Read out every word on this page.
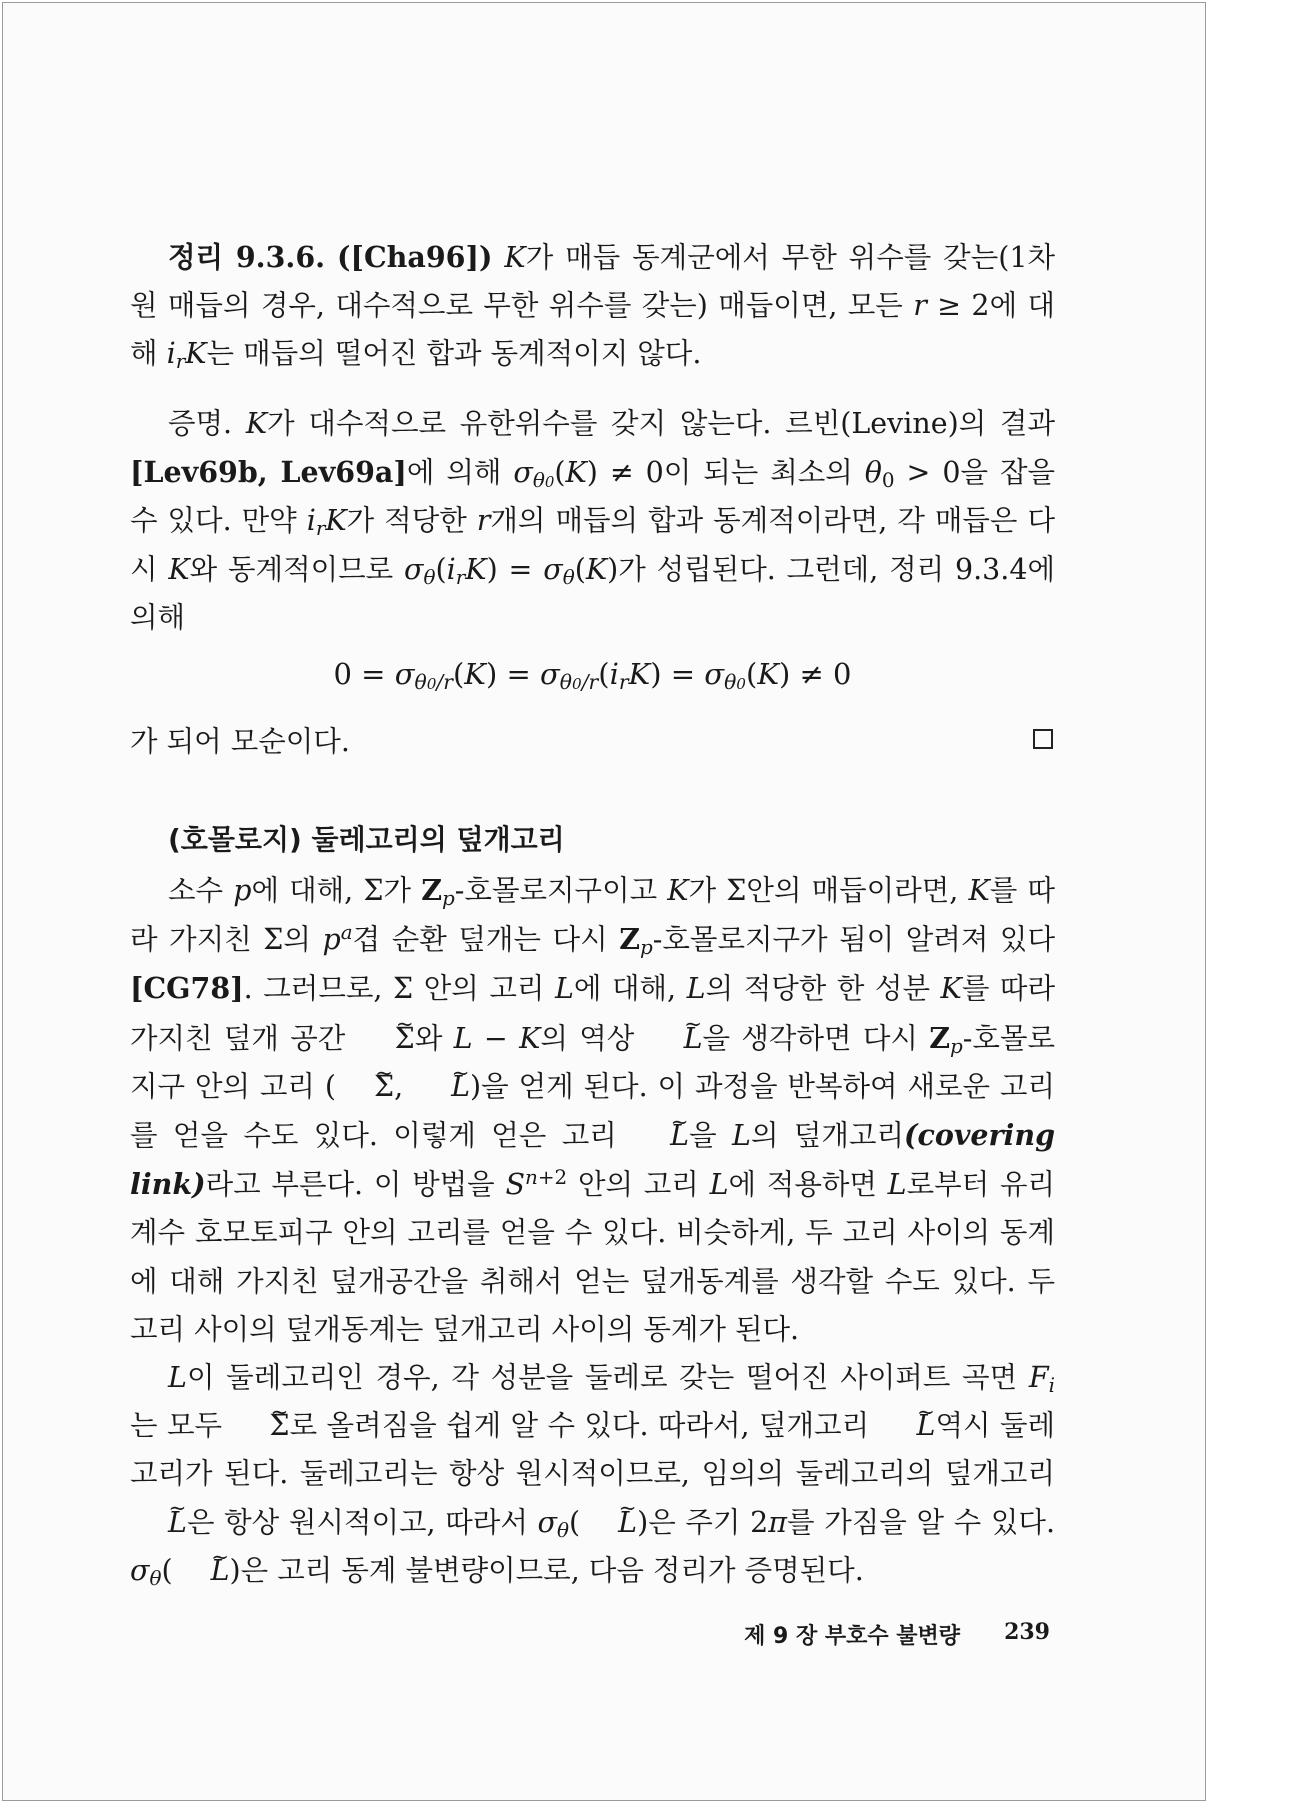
정리 9.3.6. ([Cha96]) K가 매듭 동계군에서 무한 위수를 갖는(1차 원 매듭의 경우, 대수적으로 무한 위수를 갖는) 매듭이면, 모든 r ≥ 2에 대해 $i_rK$는 매듭의 떨어진 합과 동계적이지 않다.

증명. K가 대수적으로 유한위수를 갖지 않는다. 르빈(Levine)의 결과 [Lev69b, Lev69a]에 의해 $\sigma_{\theta 0}(K) \ne 0$이 되는 최소의 $\theta_0 > 0$을 잡을 수 있다. 만약 $i_rK$가 적당한 r개의 매듭의 합과 동계적이라면, 각 매듭은 다시 K와 동계적이므로 $\sigma_\theta(i_rK) = \sigma_\theta(K)$가 성립된다. 그런데, 정리 9.3.4에 의해

$0 = \sigma_{\theta 0/r}(K) = \sigma_{\theta 0/r}(i_rK) = \sigma_{\theta 0}(K) \ne 0$
가 되어 모순이다.
(호몰로지) 둘레고리의 덮개고리

소수 p에 대해, Σ가 $Z_p-$호몰로지구이고 K가 Σ안의 매듭이라면, K를 따라 가지친 Σ의 $p^a$겹 순환 덮개는 다시 $Z_p-$호몰로지구가 됨이 알려져 있다 [CG78]. 그러므로, Σ 안의 고리 L에 대해, L의 적당한 한 성분 K를 따라 가지친 덮개 공간 ~ Σ와 L − K의 역상 ~ L을 생각하면 다시 $Z_p-$호몰로지구 안의 고리 (~ Σ, ~ L)을 얻게 된다. 이 과정을 반복하여 새로운 고리를 얻을 수도 있다. 이렇게 얻은 고리 ~ L을 L의 덮개고리(covering link)라고 부른다. 이 방법을 $S^{n+2}$ 안의 고리 L에 적용하면 L로부터 유리계수 호모토피구 안의 고리를 얻을 수 있다. 비슷하게, 두 고리 사이의 동계에 대해 가지친 덮개공간을 취해서 얻는 덮개동계를 생각할 수도 있다. 두 고리 사이의 덮개동계는 덮개고리 사이의 동계가 된다.

L이 둘레고리인 경우, 각 성분을 둘레로 갖는 떨어진 사이퍼트 곡면 $F_i$는 모두 ~ Σ로 올려짐을 쉽게 알 수 있다. 따라서, 덮개고리 ~ L역시 둘레고리가 된다. 둘레고리는 항상 원시적이므로, 임의의 둘레고리의 덮개고리 ~ L은 항상 원시적이고, 따라서 $\sigma_\theta(\sim$ L)은 주기 2π를 가짐을 알 수 있다. $\sigma_\theta(\sim$ L)은 고리 동계 불변량이므로, 다음 정리가 증명된다.

제 9 장 부호수 불변량 239
